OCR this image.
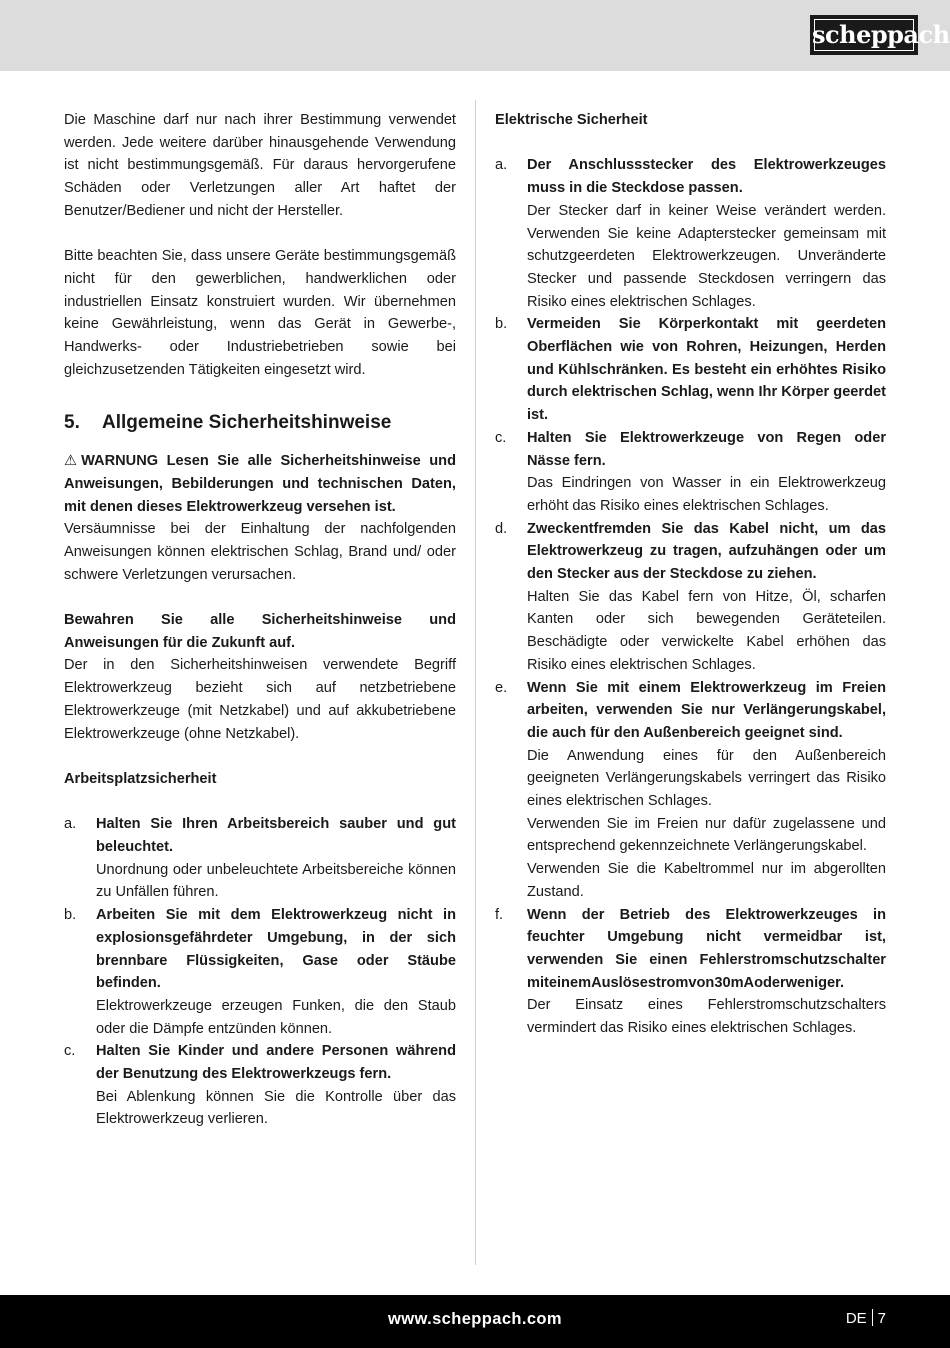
scheppach

Die Maschine darf nur nach ihrer Bestimmung verwendet werden. Jede weitere darüber hinausgehende Verwendung ist nicht bestimmungsgemäß. Für daraus hervorgerufene Schäden oder Verletzungen aller Art haftet der Benutzer/Bediener und nicht der Hersteller.

Bitte beachten Sie, dass unsere Geräte bestimmungsgemäß nicht für den gewerblichen, handwerklichen oder industriellen Einsatz konstruiert wurden. Wir übernehmen keine Gewährleistung, wenn das Gerät in Gewerbe-, Handwerks- oder Industriebetrieben sowie bei gleichzusetzenden Tätigkeiten eingesetzt wird.

5. Allgemeine Sicherheitshinweise

⚠ WARNUNG Lesen Sie alle Sicherheitshinweise und Anweisungen, Bebilderungen und technischen Daten, mit denen dieses Elektrowerkzeug versehen ist.

Versäumnisse bei der Einhaltung der nachfolgenden Anweisungen können elektrischen Schlag, Brand und/ oder schwere Verletzungen verursachen.

Bewahren Sie alle Sicherheitshinweise und Anweisungen für die Zukunft auf.

Der in den Sicherheitshinweisen verwendete Begriff Elektrowerkzeug bezieht sich auf netzbetriebene Elektrowerkzeuge (mit Netzkabel) und auf akkubetriebene Elektrowerkzeuge (ohne Netzkabel).

Arbeitsplatzsicherheit

a. Halten Sie Ihren Arbeitsbereich sauber und gut beleuchtet.

Unordnung oder unbeleuchtete Arbeitsbereiche können zu Unfällen führen.

b. Arbeiten Sie mit dem Elektrowerkzeug nicht in explosionsgefährdeter Umgebung, in der sich brennbare Flüssigkeiten, Gase oder Stäube befinden.

Elektrowerkzeuge erzeugen Funken, die den Staub oder die Dämpfe entzünden können.

c. Halten Sie Kinder und andere Personen während der Benutzung des Elektrowerkzeugs fern.

Bei Ablenkung können Sie die Kontrolle über das Elektrowerkzeug verlieren.

Elektrische Sicherheit

a. Der Anschlussstecker des Elektrowerkzeuges muss in die Steckdose passen.

Der Stecker darf in keiner Weise verändert werden. Verwenden Sie keine Adapterstecker gemeinsam mit schutzgeerdeten Elektrowerkzeugen. Unveränderte Stecker und passende Steckdosen verringern das Risiko eines elektrischen Schlages.

b. Vermeiden Sie Körperkontakt mit geerdeten Oberflächen wie von Rohren, Heizungen, Herden und Kühlschränken. Es besteht ein erhöhtes Risiko durch elektrischen Schlag, wenn Ihr Körper geerdet ist.

c. Halten Sie Elektrowerkzeuge von Regen oder Nässe fern.

Das Eindringen von Wasser in ein Elektrowerkzeug erhöht das Risiko eines elektrischen Schlages.

d. Zweckentfremden Sie das Kabel nicht, um das Elektrowerkzeug zu tragen, aufzuhängen oder um den Stecker aus der Steckdose zu ziehen.

Halten Sie das Kabel fern von Hitze, Öl, scharfen Kanten oder sich bewegenden Geräteteilen. Beschädigte oder verwickelte Kabel erhöhen das Risiko eines elektrischen Schlages.

e. Wenn Sie mit einem Elektrowerkzeug im Freien arbeiten, verwenden Sie nur Verlängerungskabel, die auch für den Außenbereich geeignet sind.

Die Anwendung eines für den Außenbereich geeigneten Verlängerungskabels verringert das Risiko eines elektrischen Schlages.

Verwenden Sie im Freien nur dafür zugelassene und entsprechend gekennzeichnete Verlängerungskabel.

Verwenden Sie die Kabeltrommel nur im abgerollten Zustand.

f. Wenn der Betrieb des Elektrowerkzeuges in feuchter Umgebung nicht vermeidbar ist, verwenden Sie einen Fehlerstromschutzschalter miteinemAuslösestromvon30mAoderweniger.

Der Einsatz eines Fehlerstromschutzschalters vermindert das Risiko eines elektrischen Schlages.

www.scheppach.com	DE 7
